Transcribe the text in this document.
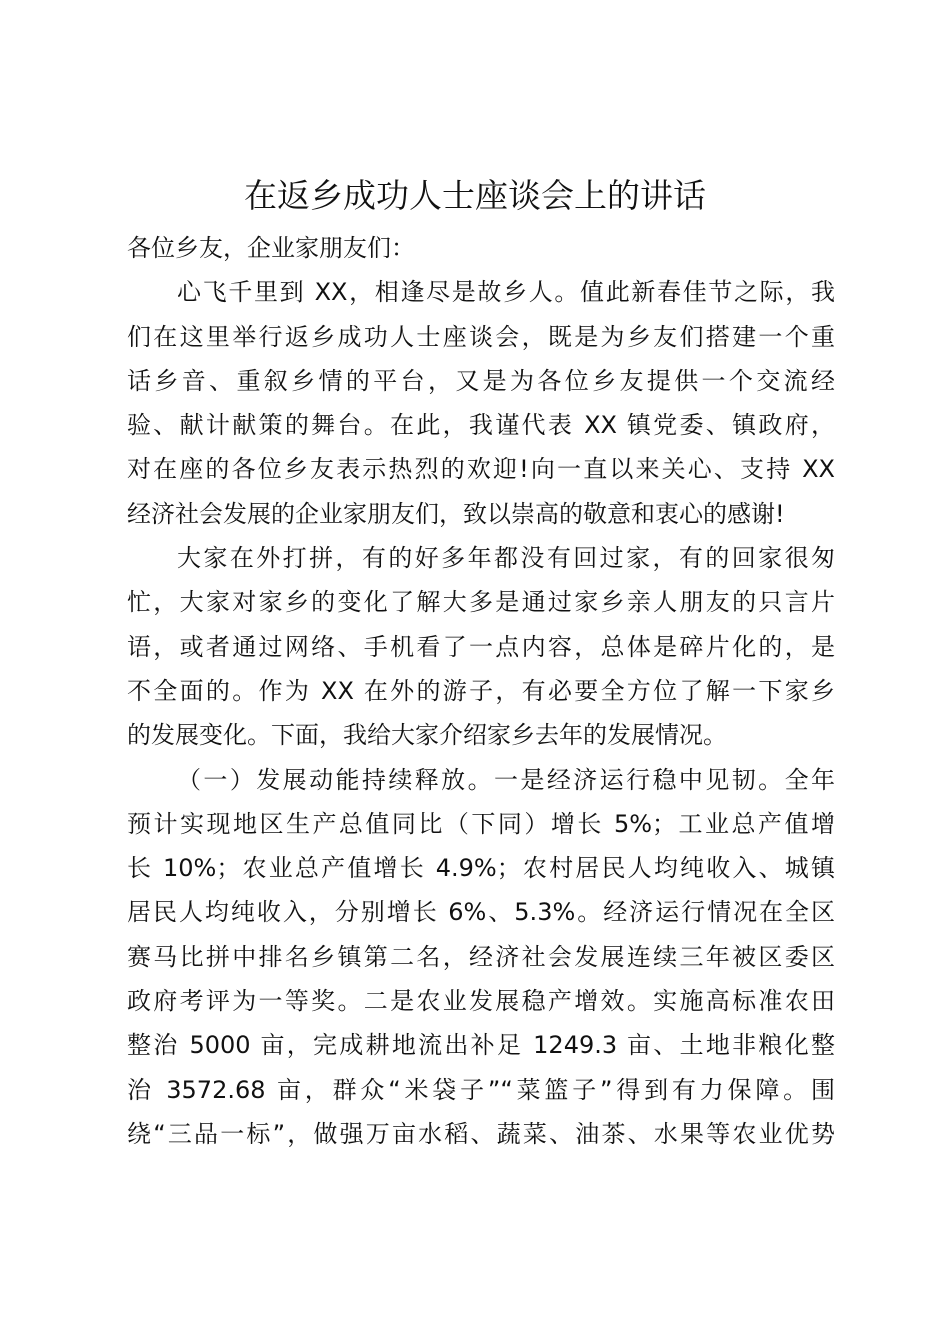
在返乡成功人士座谈会上的讲话
各位乡友，企业家朋友们：
心飞千里到 XX，相逢尽是故乡人。值此新春佳节之际，我
们在这里举行返乡成功人士座谈会，既是为乡友们搭建一个重
话乡音、重叙乡情的平台，又是为各位乡友提供一个交流经
验、献计献策的舞台。在此，我谨代表 XX 镇党委、镇政府，
对在座的各位乡友表示热烈的欢迎!向一直以来关心、支持 XX
经济社会发展的企业家朋友们，致以崇高的敬意和衷心的感谢!
大家在外打拼，有的好多年都没有回过家，有的回家很匆
忙，大家对家乡的变化了解大多是通过家乡亲人朋友的只言片
语，或者通过网络、手机看了一点内容，总体是碎片化的，是
不全面的。作为 XX 在外的游子，有必要全方位了解一下家乡
的发展变化。下面，我给大家介绍家乡去年的发展情况。
（一）发展动能持续释放。一是经济运行稳中见韧。全年
预计实现地区生产总值同比（下同）增长 5%；工业总产值增
长 10%；农业总产值增长 4.9%；农村居民人均纯收入、城镇
居民人均纯收入，分别增长 6%、5.3%。经济运行情况在全区
赛马比拼中排名乡镇第二名，经济社会发展连续三年被区委区
政府考评为一等奖。二是农业发展稳产增效。实施高标准农田
整治 5000 亩，完成耕地流出补足 1249.3 亩、土地非粮化整
治 3572.68 亩，群众“米袋子”“菜篮子”得到有力保障。围
绕“三品一标”，做强万亩水稻、蔬菜、油茶、水果等农业优势
